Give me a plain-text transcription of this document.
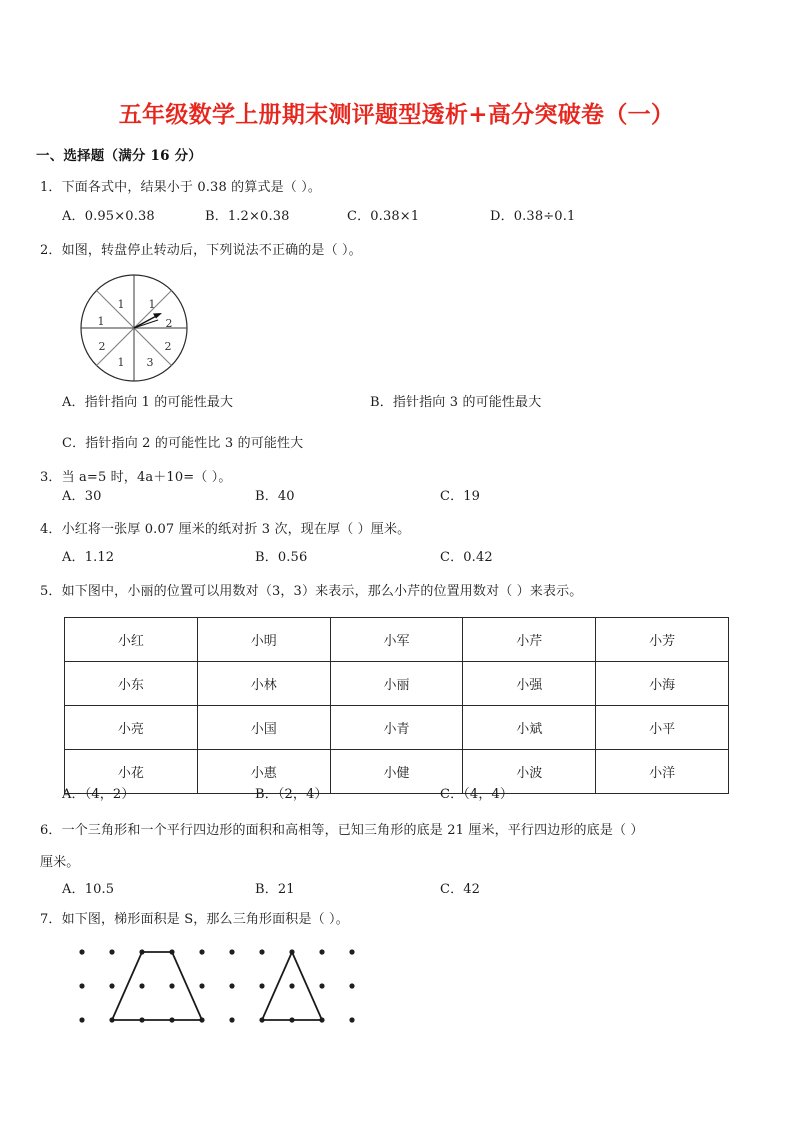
五年级数学上册期末测评题型透析+高分突破卷（一）
一、选择题（满分 16 分）
1．下面各式中，结果小于 0.38 的算式是（ ）。
A．0.95×0.38	B．1.2×0.38	C．0.38×1	D．0.38÷0.1
2．如图，转盘停止转动后，下列说法不正确的是（ ）。
1
2
2
3
1
2
1
1
A．指针指向 1 的可能性最大	B．指针指向 3 的可能性最大
C．指针指向 2 的可能性比 3 的可能性大
3．当 a=5 时，4a＋10=（ ）。
A．30	B．40	C．19
4．小红将一张厚 0.07 厘米的纸对折 3 次，现在厚（ ）厘米。
A．1.12	B．0.56	C．0.42
5．如下图中，小丽的位置可以用数对（3，3）来表示，那么小芹的位置用数对（ ）来表示。
小红	小明	小军	小芹	小芳
小东	小林	小丽	小强	小海
小亮	小国	小青	小斌	小平
小花	小惠	小健	小波	小洋
A．（4，2）	B．（2，4）	C．（4，4）
6．一个三角形和一个平行四边形的面积和高相等，已知三角形的底是 21 厘米，平行四边形的底是（ ）
厘米。
A．10.5	B．21	C．42
7．如下图，梯形面积是 S，那么三角形面积是（ ）。
